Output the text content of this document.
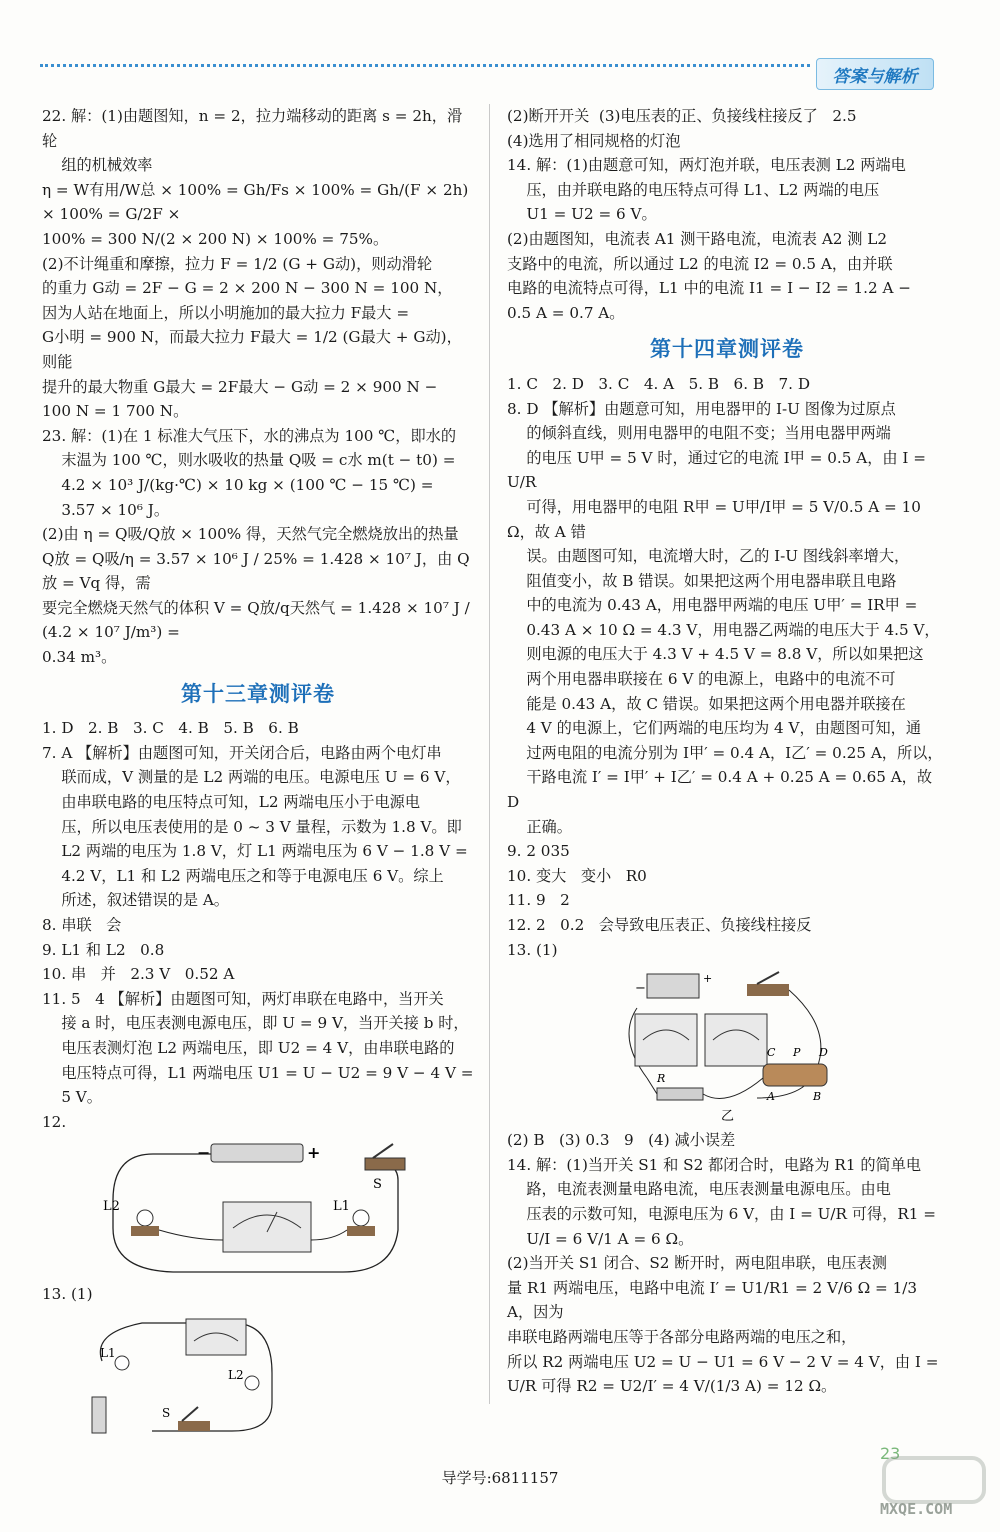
答案与解析
22. 解：(1)由题图知，n = 2，拉力端移动的距离 s = 2h，滑轮
组的机械效率
η = W有用/W总 × 100% = Gh/Fs × 100% = Gh/(F × 2h) × 100% = G/2F ×
100% = 300 N/(2 × 200 N) × 100% = 75%。
(2)不计绳重和摩擦，拉力 F = 1/2 (G + G动)，则动滑轮
的重力 G动 = 2F − G = 2 × 200 N − 300 N = 100 N，
因为人站在地面上，所以小明施加的最大拉力 F最大 =
G小明 = 900 N，而最大拉力 F最大 = 1/2 (G最大 + G动)，则能
提升的最大物重 G最大 = 2F最大 − G动 = 2 × 900 N −
100 N = 1 700 N。
23. 解：(1)在 1 标准大气压下，水的沸点为 100 ℃，即水的
末温为 100 ℃，则水吸收的热量 Q吸 = c水 m(t − t0) =
4.2 × 10³ J/(kg·℃) × 10 kg × (100 ℃ − 15 ℃) =
3.57 × 10⁶ J。
(2)由 η = Q吸/Q放 × 100% 得，天然气完全燃烧放出的热量
Q放 = Q吸/η = 3.57 × 10⁶ J / 25% = 1.428 × 10⁷ J，由 Q放 = Vq 得，需
要完全燃烧天然气的体积 V = Q放/q天然气 = 1.428 × 10⁷ J / (4.2 × 10⁷ J/m³) =
0.34 m³。
第十三章测评卷
1. D   2. B   3. C   4. B   5. B   6. B
7. A 【解析】由题图可知，开关闭合后，电路由两个电灯串
联而成，V 测量的是 L2 两端的电压。电源电压 U = 6 V，
由串联电路的电压特点可知，L2 两端电压小于电源电
压，所以电压表使用的是 0 ~ 3 V 量程，示数为 1.8 V。即
L2 两端的电压为 1.8 V，灯 L1 两端电压为 6 V − 1.8 V =
4.2 V，L1 和 L2 两端电压之和等于电源电压 6 V。综上
所述，叙述错误的是 A。
8. 串联   会
9. L1 和 L2   0.8
10. 串   并   2.3 V   0.52 A
11. 5   4 【解析】由题图可知，两灯串联在电路中，当开关
接 a 时，电压表测电源电压，即 U = 9 V，当开关接 b 时，
电压表测灯泡 L2 两端电压，即 U2 = 4 V，由串联电路的
电压特点可得，L1 两端电压 U1 = U − U2 = 9 V − 4 V =
5 V。
12.
−	+
S
L2	L1
13. (1)
L1
L2
S
(2)断开开关  (3)电压表的正、负接线柱接反了   2.5
(4)选用了相同规格的灯泡
14. 解：(1)由题意可知，两灯泡并联，电压表测 L2 两端电
压，由并联电路的电压特点可得 L1、L2 两端的电压
U1 = U2 = 6 V。
(2)由题图知，电流表 A1 测干路电流，电流表 A2 测 L2
支路中的电流，所以通过 L2 的电流 I2 = 0.5 A，由并联
电路的电流特点可得，L1 中的电流 I1 = I − I2 = 1.2 A −
0.5 A = 0.7 A。
第十四章测评卷
1. C   2. D   3. C   4. A   5. B   6. B   7. D
8. D 【解析】由题意可知，用电器甲的 I-U 图像为过原点
的倾斜直线，则用电器甲的电阻不变；当用电器甲两端
的电压 U甲 = 5 V 时，通过它的电流 I甲 = 0.5 A，由 I = U/R
可得，用电器甲的电阻 R甲 = U甲/I甲 = 5 V/0.5 A = 10 Ω，故 A 错
误。由题图可知，电流增大时，乙的 I-U 图线斜率增大，
阻值变小，故 B 错误。如果把这两个用电器串联且电路
中的电流为 0.43 A，用电器甲两端的电压 U甲′ = IR甲 =
0.43 A × 10 Ω = 4.3 V，用电器乙两端的电压大于 4.5 V，
则电源的电压大于 4.3 V + 4.5 V = 8.8 V，所以如果把这
两个用电器串联接在 6 V 的电源上，电路中的电流不可
能是 0.43 A，故 C 错误。如果把这两个用电器并联接在
4 V 的电源上，它们两端的电压均为 4 V，由题图可知，通
过两电阻的电流分别为 I甲′ = 0.4 A，I乙′ = 0.25 A，所以，
干路电流 I′ = I甲′ + I乙′ = 0.4 A + 0.25 A = 0.65 A，故 D
正确。
9. 2 035
10. 变大   变小   R0
11. 9   2
12. 2   0.2   会导致电压表正、负接线柱接反
13. (1)
−
+
C P D
A	B
R
乙
(2) B   (3) 0.3   9   (4) 减小误差
14. 解：(1)当开关 S1 和 S2 都闭合时，电路为 R1 的简单电
路，电流表测量电路电流，电压表测量电源电压。由电
压表的示数可知，电源电压为 6 V，由 I = U/R 可得，R1 =
U/I = 6 V/1 A = 6 Ω。
(2)当开关 S1 闭合、S2 断开时，两电阻串联，电压表测
量 R1 两端电压，电路中电流 I′ = U1/R1 = 2 V/6 Ω = 1/3 A，因为
串联电路两端电压等于各部分电路两端的电压之和，
所以 R2 两端电压 U2 = U − U1 = 6 V − 2 V = 4 V，由 I =
U/R 可得 R2 = U2/I′ = 4 V/(1/3 A) = 12 Ω。
23
导学号:6811157
MXQE.COM
